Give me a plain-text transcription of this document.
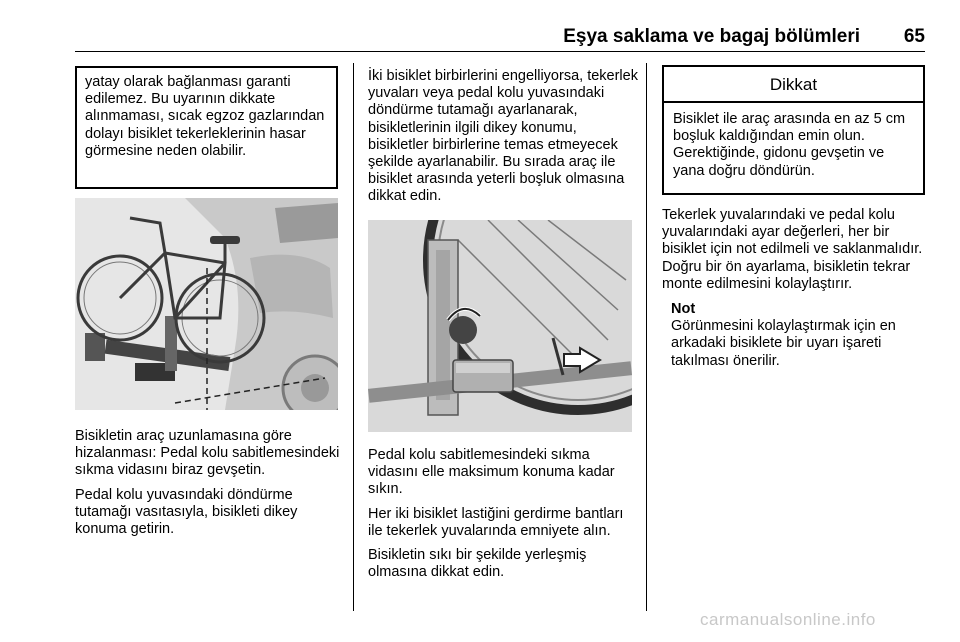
Eşya saklama ve bagaj bölümleri	65

yatay olarak bağlanması garanti edilemez. Bu uyarının dikkate alınmaması, sıcak egzoz gazlarından dolayı bisiklet tekerleklerinin hasar görmesine neden olabilir.

Bisikletin araç uzunlamasına göre hizalanması: Pedal kolu sabitlemesindeki sıkma vidasını biraz gevşetin.

Pedal kolu yuvasındaki döndürme tutamağı vasıtasıyla, bisikleti dikey konuma getirin.

İki bisiklet birbirlerini engelliyorsa, tekerlek yuvaları veya pedal kolu yuvasındaki döndürme tutamağı ayarlanarak, bisikletlerinin ilgili dikey konumu, bisikletler birbirlerine temas etmeyecek şekilde ayarlanabilir. Bu sırada araç ile bisiklet arasında yeterli boşluk olmasına dikkat edin.

Pedal kolu sabitlemesindeki sıkma vidasını elle maksimum konuma kadar sıkın.

Her iki bisiklet lastiğini gerdirme bantları ile tekerlek yuvalarında emniyete alın.

Bisikletin sıkı bir şekilde yerleşmiş olmasına dikkat edin.

Dikkat
Bisiklet ile araç arasında en az 5 cm boşluk kaldığından emin olun. Gerektiğinde, gidonu gevşetin ve yana doğru döndürün.

Tekerlek yuvalarındaki ve pedal kolu yuvalarındaki ayar değerleri, her bir bisiklet için not edilmeli ve saklanmalıdır. Doğru bir ön ayarlama, bisikletin tekrar monte edilmesini kolaylaştırır.

Not
Görünmesini kolaylaştırmak için en arkadaki bisiklete bir uyarı işareti takılması önerilir.
carmanualsonline.info
